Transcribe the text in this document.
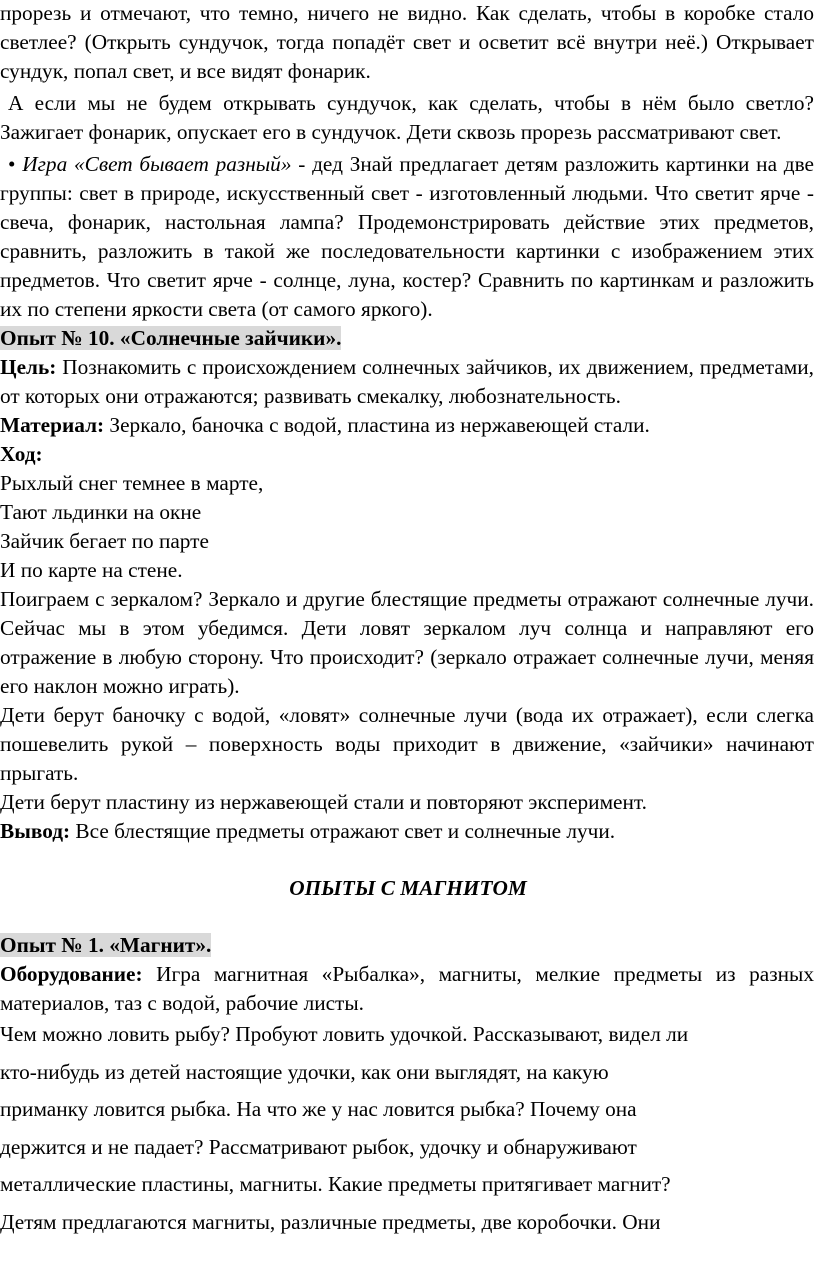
прорезь и отмечают, что темно, ничего не видно. Как сделать, чтобы в коробке стало светлее? (Открыть сундучок, тогда попадёт свет и осветит всё внутри неё.) Открывает сундук, попал свет, и все видят фонарик.

А если мы не будем открывать сундучок, как сделать, чтобы в нём было светло? Зажигает фонарик, опускает его в сундучок. Дети сквозь прорезь рассматривают свет.

• Игра «Свет бывает разный» - дед Знай предлагает детям разложить картинки на две группы: свет в природе, искусственный свет - изготовленный людьми. Что светит ярче - свеча, фонарик, настольная лампа? Продемонстрировать действие этих предметов, сравнить, разложить в такой же последовательности картинки с изображением этих предметов. Что светит ярче - солнце, луна, костер? Сравнить по картинкам и разложить их по степени яркости света (от самого яркого).

Опыт № 10. «Солнечные зайчики».

Цель: Познакомить с происхождением солнечных зайчиков, их движением, предметами, от которых они отражаются; развивать смекалку, любознательность.

Материал: Зеркало, баночка с водой, пластина из нержавеющей стали.

Ход:

Рыхлый снег темнее в марте,

Тают льдинки на окне

Зайчик бегает по парте

И по карте на стене.

Поиграем с зеркалом? Зеркало и другие блестящие предметы отражают солнечные лучи. Сейчас мы в этом убедимся. Дети ловят зеркалом луч солнца и направляют его отражение в любую сторону. Что происходит? (зеркало отражает солнечные лучи, меняя его наклон можно играть).

Дети берут баночку с водой, «ловят» солнечные лучи (вода их отражает), если слегка пошевелить рукой – поверхность воды приходит в движение, «зайчики» начинают прыгать.

Дети берут пластину из нержавеющей стали и повторяют эксперимент.

Вывод: Все блестящие предметы отражают свет и солнечные лучи.

ОПЫТЫ С МАГНИТОМ

Опыт № 1. «Магнит».

Оборудование: Игра магнитная «Рыбалка», магниты, мелкие предметы из разных материалов, таз с водой, рабочие листы.

Чем можно ловить рыбу? Пробуют ловить удочкой. Рассказывают, видел ли

кто-нибудь из детей настоящие удочки, как они выглядят, на какую

приманку ловится рыбка. На что же у нас ловится рыбка? Почему она

держится и не падает? Рассматривают рыбок, удочку и обнаруживают

металлические пластины, магниты. Какие предметы притягивает магнит?

Детям предлагаются магниты, различные предметы, две коробочки. Они
